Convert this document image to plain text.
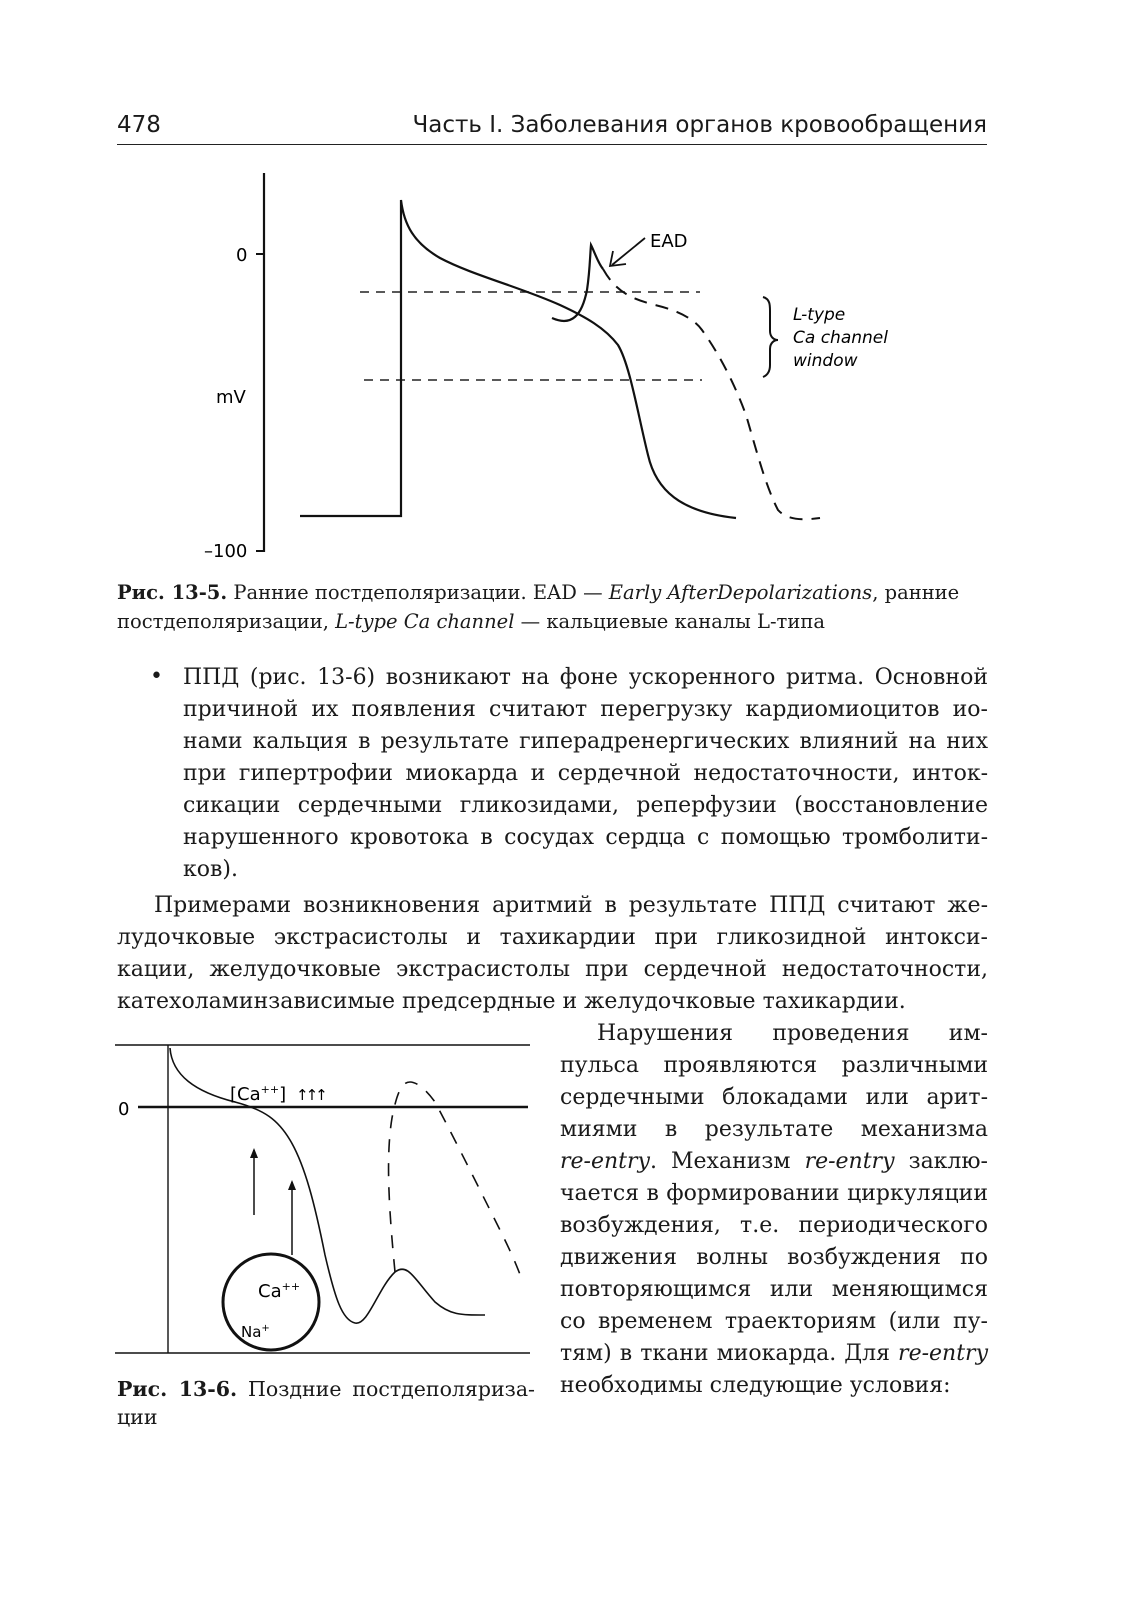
478	Часть I. Заболевания органов кровообращения
0
mV
–100
EAD
L-type
Ca channel
window
Рис. 13-5. Ранние постдеполяризации. EAD — Early AfterDepolarizations, ранние постдеполяризации, L-type Ca channel — кальциевые каналы L-типа
• ППД (рис. 13-6) возникают на фоне ускоренного ритма. Основной
причиной их появления считают перегрузку кардиомиоцитов ио-
нами кальция в результате гиперадренергических влияний на них
при гипертрофии миокарда и сердечной недостаточности, инток-
сикации сердечными гликозидами, реперфузии (восстановление
нарушенного кровотока в сосудах сердца с помощью тромболити-
ков).
Примерами возникновения аритмий в результате ППД считают же-
лудочковые экстрасистолы и тахикардии при гликозидной интокси-
кации, желудочковые экстрасистолы при сердечной недостаточности,
катехоламинзависимые предсердные и желудочковые тахикардии.
0
[Ca++] ↑↑↑
Ca++
Na+
Рис. 13-6. Поздние постдеполяриза-
ции
Нарушения проведения им-
пульса проявляются различными
сердечными блокадами или арит-
миями в результате механизма
re-entry. Механизм re-entry заклю-
чается в формировании циркуляции
возбуждения, т.е. периодического
движения волны возбуждения по
повторяющимся или меняющимся
со временем траекториям (или пу-
тям) в ткани миокарда. Для re-entry
необходимы следующие условия:
